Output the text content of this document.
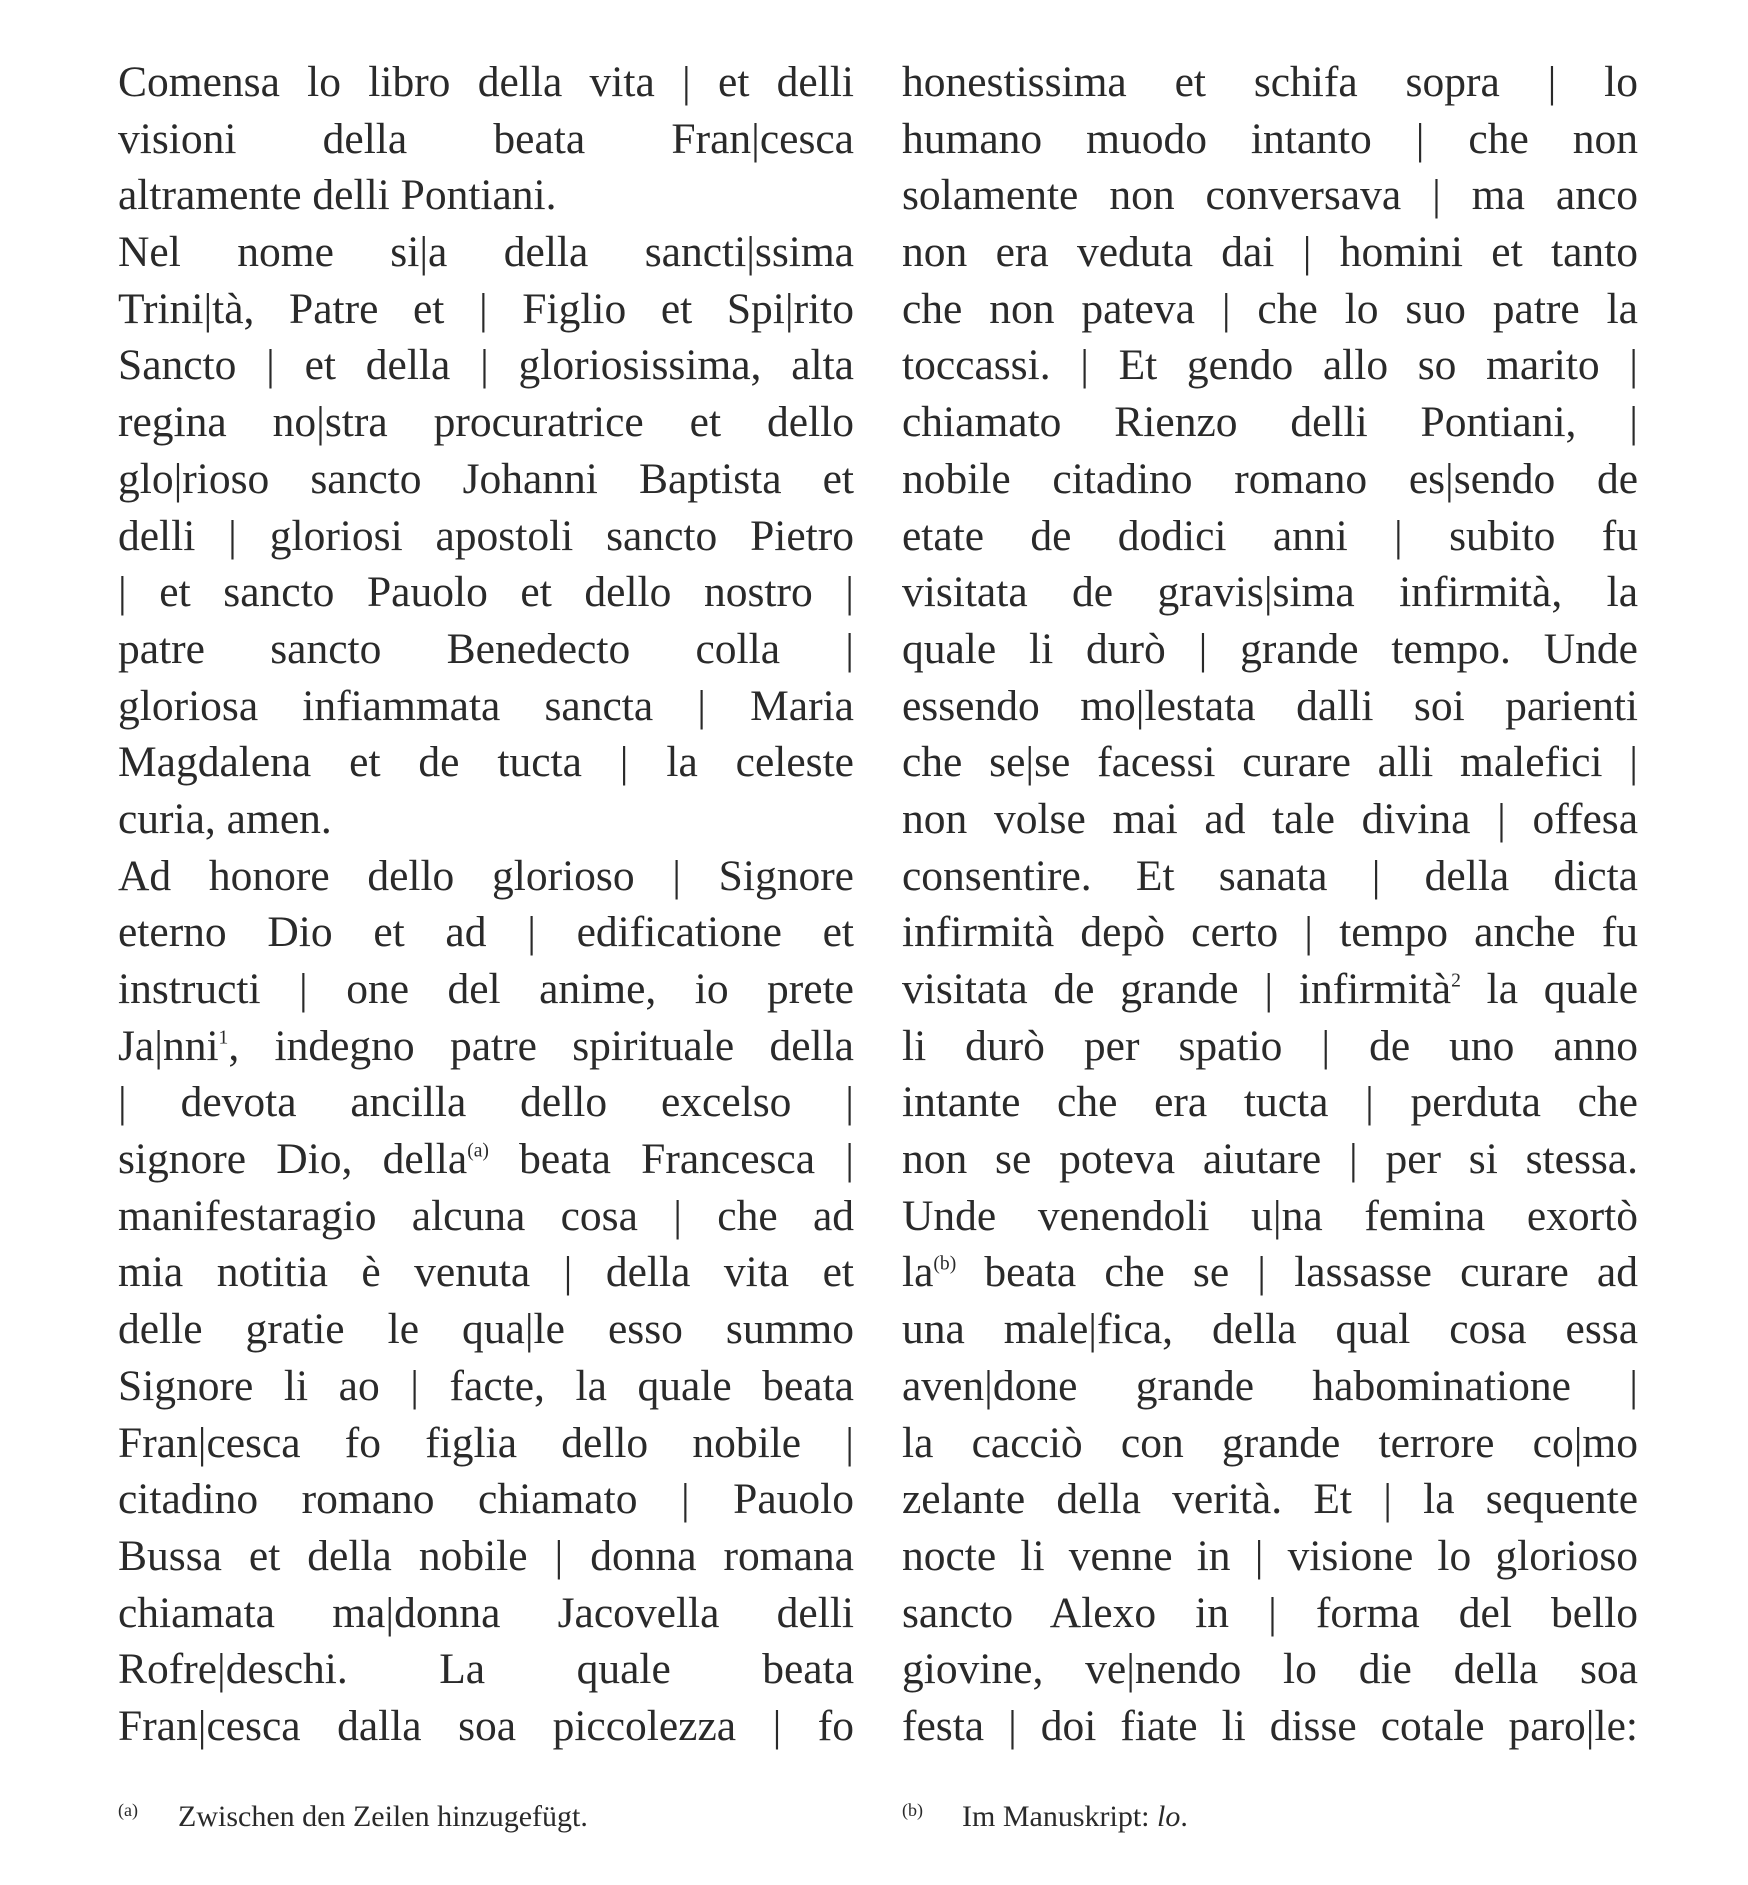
Comensa lo libro della vita | et delli
visioni della beata Fran|cesca
altramente delli Pontiani.
Nel nome si|a della sancti|ssima
Trini|tà, Patre et | Figlio et Spi|rito
Sancto | et della | gloriosissima, alta
regina no|stra procuratrice et dello
glo|rioso sancto Johanni Baptista et
delli | gloriosi apostoli sancto Pietro
| et sancto Pauolo et dello nostro |
patre sancto Benedecto colla |
gloriosa infiammata sancta | Maria
Magdalena et de tucta | la celeste
curia, amen.
Ad honore dello glorioso | Signore
eterno Dio et ad | edificatione et
instructi | one del anime, io prete
Ja|nni$^1$, indegno patre spirituale della
| devota ancilla dello excelso |
signore Dio, della$^{(a)}$ beata Francesca |
manifestaragio alcuna cosa | che ad
mia notitia è venuta | della vita et
delle gratie le qua|le esso summo
Signore li ao | facte, la quale beata
Fran|cesca fo figlia dello nobile |
citadino romano chiamato | Pauolo
Bussa et della nobile | donna romana
chiamata ma|donna Jacovella delli
Rofre|deschi. La quale beata
Fran|cesca dalla soa piccolezza | fo
honestissima et schifa sopra | lo
humano muodo intanto | che non
solamente non conversava | ma anco
non era veduta dai | homini et tanto
che non pateva | che lo suo patre la
toccassi. | Et gendo allo so marito |
chiamato Rienzo delli Pontiani, |
nobile citadino romano es|sendo de
etate de dodici anni | subito fu
visitata de gravis|sima infirmità, la
quale li durò | grande tempo. Unde
essendo mo|lestata dalli soi parienti
che se|se facessi curare alli malefici |
non volse mai ad tale divina | offesa
consentire. Et sanata | della dicta
infirmità depò certo | tempo anche fu
visitata de grande | infirmità$^2$ la quale
li durò per spatio | de uno anno
intante che era tucta | perduta che
non se poteva aiutare | per si stessa.
Unde venendoli u|na femina exortò
$la^{(b)}$ beata che se | lassasse curare ad
una male|fica, della qual cosa essa
aven|done grande habominatione |
la cacciò con grande terrore co|mo
zelante della verità. Et | la sequente
nocte li venne in | visione lo glorioso
sancto Alexo in | forma del bello
giovine, ve|nendo lo die della soa
festa | doi fiate li disse cotale paro|le:
(a) Zwischen den Zeilen hinzugefügt.	(b) Im Manuskript: lo.
